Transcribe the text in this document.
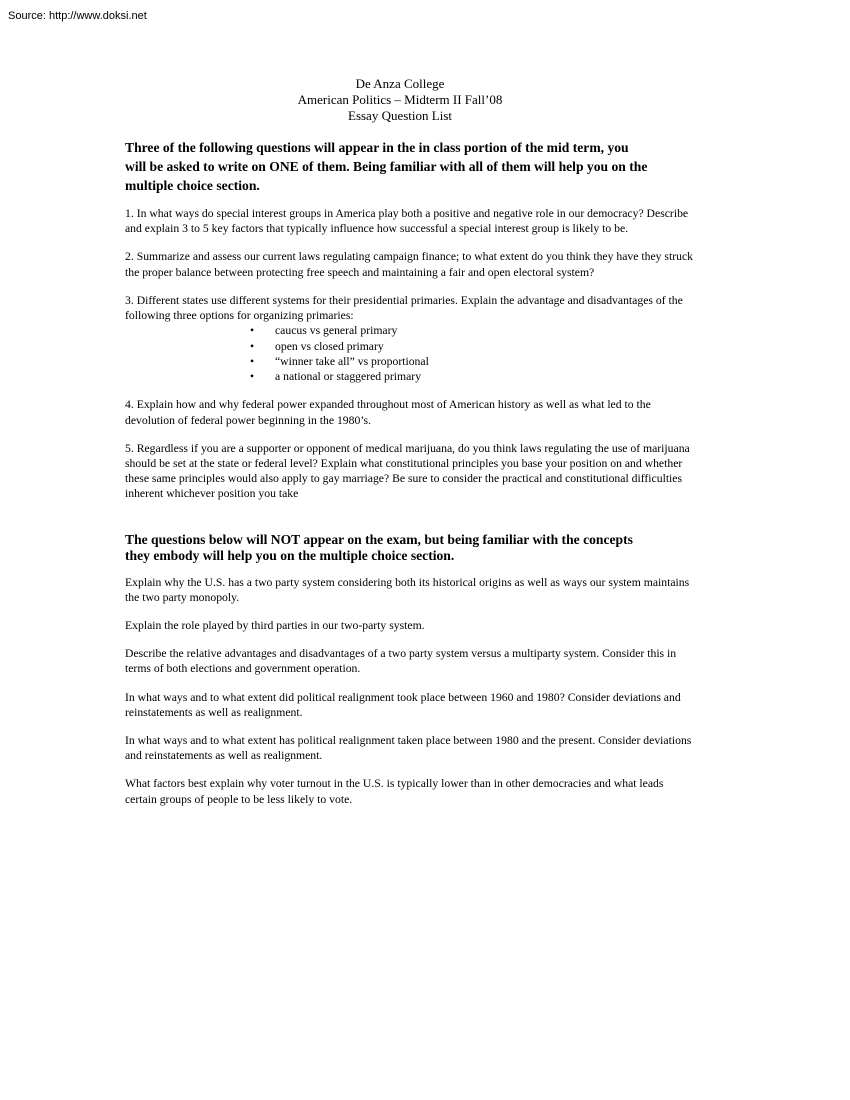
Source: http://www.doksi.net
De Anza College
American Politics – Midterm II Fall’08
Essay Question List

Three of the following questions will appear in the in class portion of the mid term, you will be asked to write on ONE of them. Being familiar with all of them will help you on the multiple choice section.

1. In what ways do special interest groups in America play both a positive and negative role in our democracy? Describe and explain 3 to 5 key factors that typically influence how successful a special interest group is likely to be.

2. Summarize and assess our current laws regulating campaign finance; to what extent do you think they have they struck the proper balance between protecting free speech and maintaining a fair and open electoral system?

3. Different states use different systems for their presidential primaries. Explain the advantage and disadvantages of the following three options for organizing primaries:

• caucus vs general primary
• open vs closed primary
• “winner take all” vs proportional
• a national or staggered primary

4. Explain how and why federal power expanded throughout most of American history as well as what led to the devolution of federal power beginning in the 1980’s.

5. Regardless if you are a supporter or opponent of medical marijuana, do you think laws regulating the use of marijuana should be set at the state or federal level? Explain what constitutional principles you base your position on and whether these same principles would also apply to gay marriage? Be sure to consider the practical and constitutional difficulties inherent whichever position you take

The questions below will NOT appear on the exam, but being familiar with the concepts they embody will help you on the multiple choice section.

Explain why the U.S. has a two party system considering both its historical origins as well as ways our system maintains the two party monopoly.

Explain the role played by third parties in our two-party system.

Describe the relative advantages and disadvantages of a two party system versus a multiparty system. Consider this in terms of both elections and government operation.

In what ways and to what extent did political realignment took place between 1960 and 1980? Consider deviations and reinstatements as well as realignment.

In what ways and to what extent has political realignment taken place between 1980 and the present. Consider deviations and reinstatements as well as realignment.

What factors best explain why voter turnout in the U.S. is typically lower than in other democracies and what leads certain groups of people to be less likely to vote.
